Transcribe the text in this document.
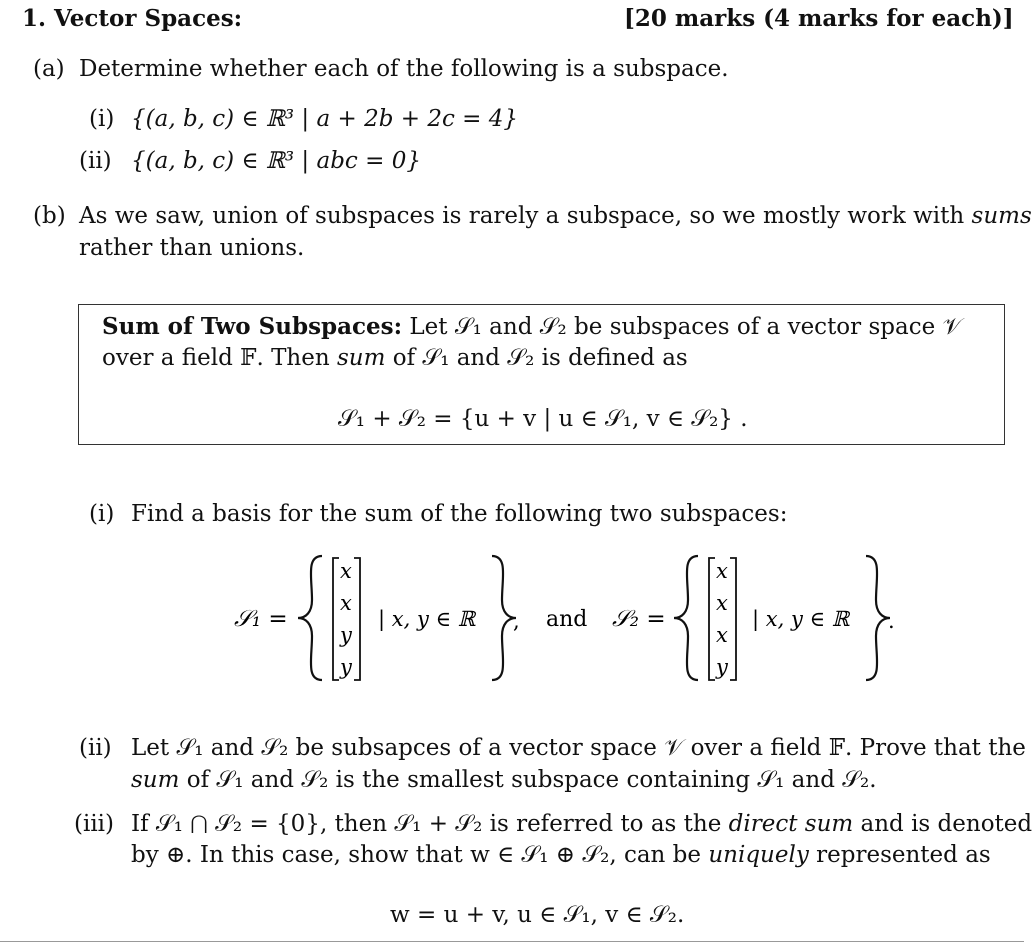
1. Vector Spaces:	[20 marks (4 marks for each)]
(a) Determine whether each of the following is a subspace.
(i) {(a, b, c) ∈ ℝ³ | a + 2b + 2c = 4}
(ii) {(a, b, c) ∈ ℝ³ | abc = 0}
(b) As we saw, union of subspaces is rarely a subspace, so we mostly work with sums
rather than unions.
Sum of Two Subspaces: Let 𝒮₁ and 𝒮₂ be subspaces of a vector space 𝒱
over a field 𝔽. Then sum of 𝒮₁ and 𝒮₂ is defined as
𝒮₁ + 𝒮₂ = {u + v | u ∈ 𝒮₁, v ∈ 𝒮₂} .
(i) Find a basis for the sum of the following two subspaces:
𝒮₁ =
x
x
y
y
| x, y ∈ ℝ , and 𝒮₂ =
x
x
x
y
| x, y ∈ ℝ .
(ii) Let 𝒮₁ and 𝒮₂ be subsapces of a vector space 𝒱 over a field 𝔽. Prove that the
sum of 𝒮₁ and 𝒮₂ is the smallest subspace containing 𝒮₁ and 𝒮₂.
(iii) If 𝒮₁ ⋂ 𝒮₂ = {0}, then 𝒮₁ + 𝒮₂ is referred to as the direct sum and is denoted
by ⊕. In this case, show that w ∈ 𝒮₁ ⊕ 𝒮₂, can be uniquely represented as
w = u + v, u ∈ 𝒮₁, v ∈ 𝒮₂.
